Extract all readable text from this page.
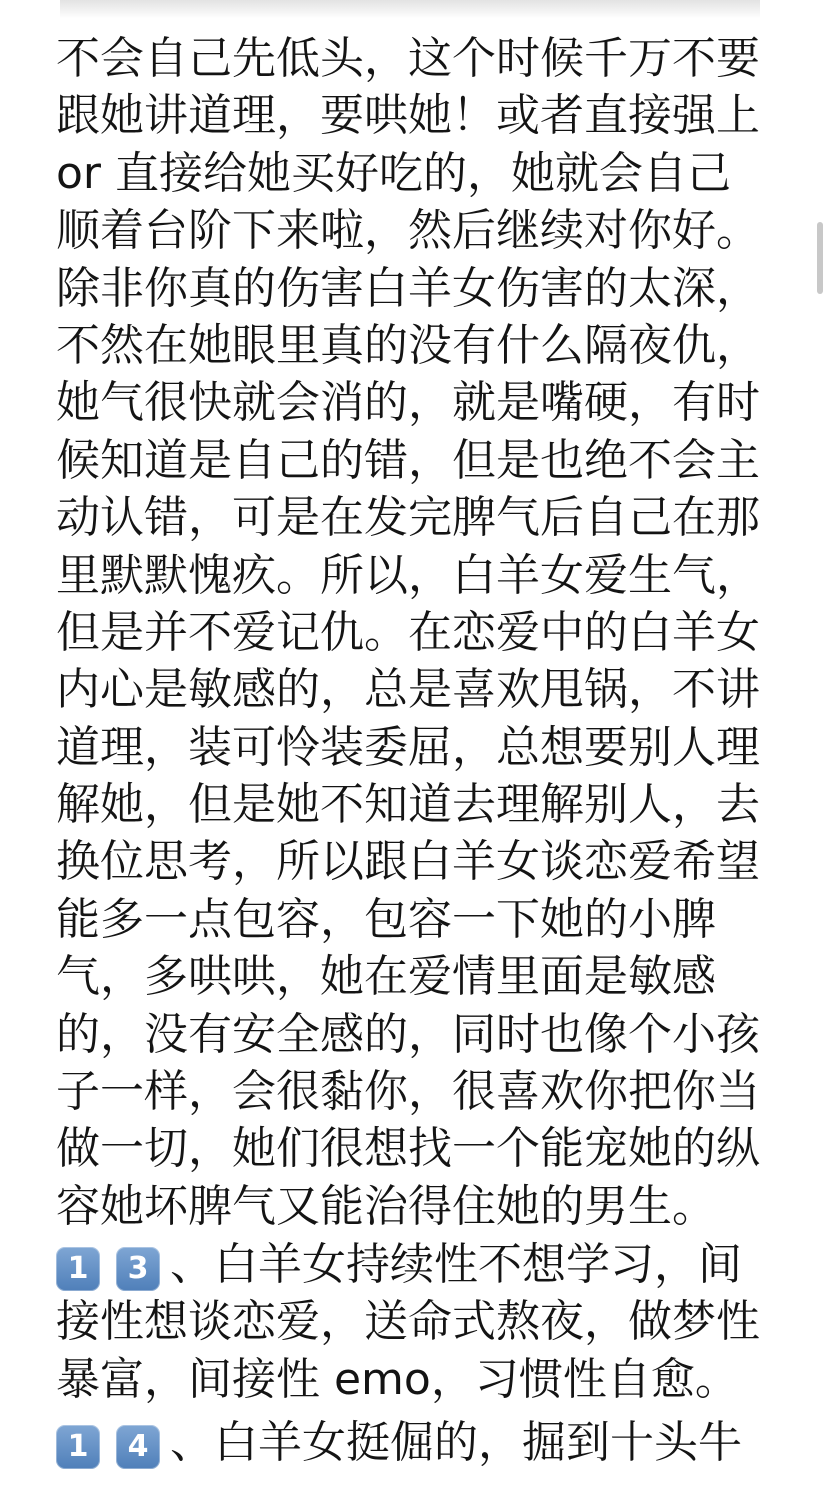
不会自己先低头，这个时候千万不要
跟她讲道理，要哄她！或者直接强上
or 直接给她买好吃的，她就会自己
顺着台阶下来啦，然后继续对你好。
除非你真的伤害白羊女伤害的太深，
不然在她眼里真的没有什么隔夜仇，
她气很快就会消的，就是嘴硬，有时
候知道是自己的错，但是也绝不会主
动认错，可是在发完脾气后自己在那
里默默愧疚。所以，白羊女爱生气，
但是并不爱记仇。在恋爱中的白羊女
内心是敏感的，总是喜欢甩锅，不讲
道理，装可怜装委屈，总想要别人理
解她，但是她不知道去理解别人，去
换位思考，所以跟白羊女谈恋爱希望
能多一点包容，包容一下她的小脾
气，多哄哄，她在爱情里面是敏感
的，没有安全感的，同时也像个小孩
子一样，会很黏你，很喜欢你把你当
做一切，她们很想找一个能宠她的纵
容她坏脾气又能治得住她的男生。
1 3 、白羊女持续性不想学习，间
接性想谈恋爱，送命式熬夜，做梦性
暴富，间接性 emo，习惯性自愈。
1 4 、白羊女挺倔的，掘到十头牛
